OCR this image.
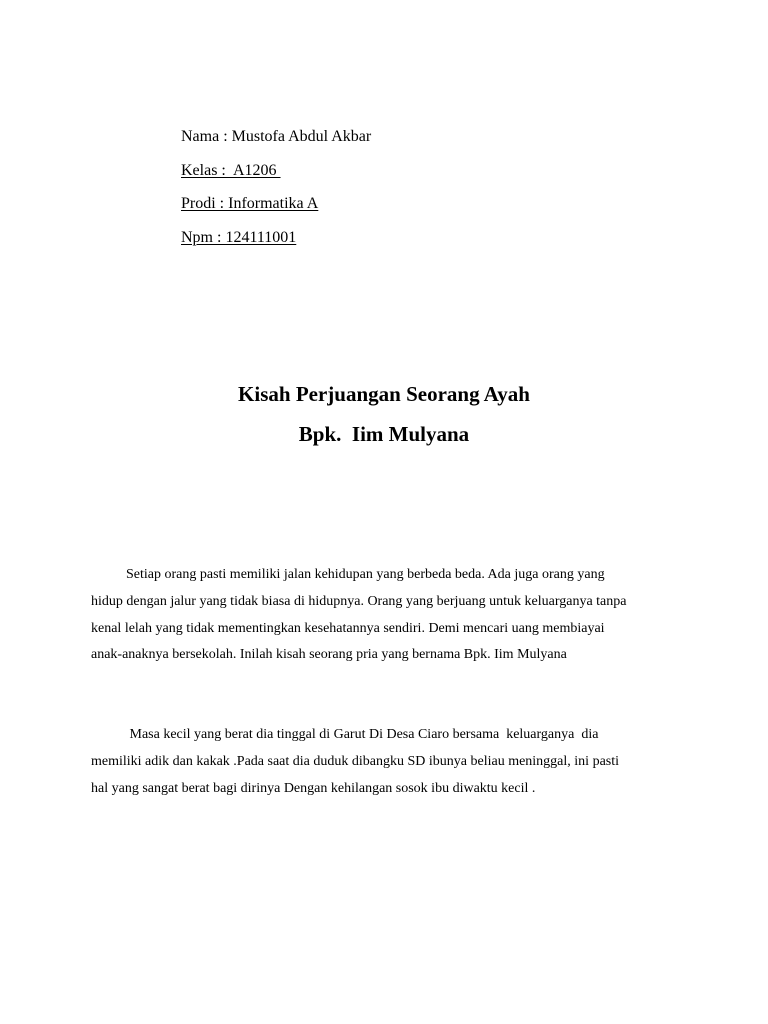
Nama : Mustofa Abdul Akbar
Kelas :  A1206
Prodi : Informatika A
Npm : 124111001
Kisah Perjuangan Seorang Ayah
Bpk.  Iim Mulyana
Setiap orang pasti memiliki jalan kehidupan yang berbeda beda. Ada juga orang yang
hidup dengan jalur yang tidak biasa di hidupnya. Orang yang berjuang untuk keluarganya tanpa
kenal lelah yang tidak mementingkan kesehatannya sendiri. Demi mencari uang membiayai
anak-anaknya bersekolah. Inilah kisah seorang pria yang bernama Bpk. Iim Mulyana
Masa kecil yang berat dia tinggal di Garut Di Desa Ciaro bersama  keluarganya  dia
memiliki adik dan kakak .Pada saat dia duduk dibangku SD ibunya beliau meninggal, ini pasti
hal yang sangat berat bagi dirinya Dengan kehilangan sosok ibu diwaktu kecil .
